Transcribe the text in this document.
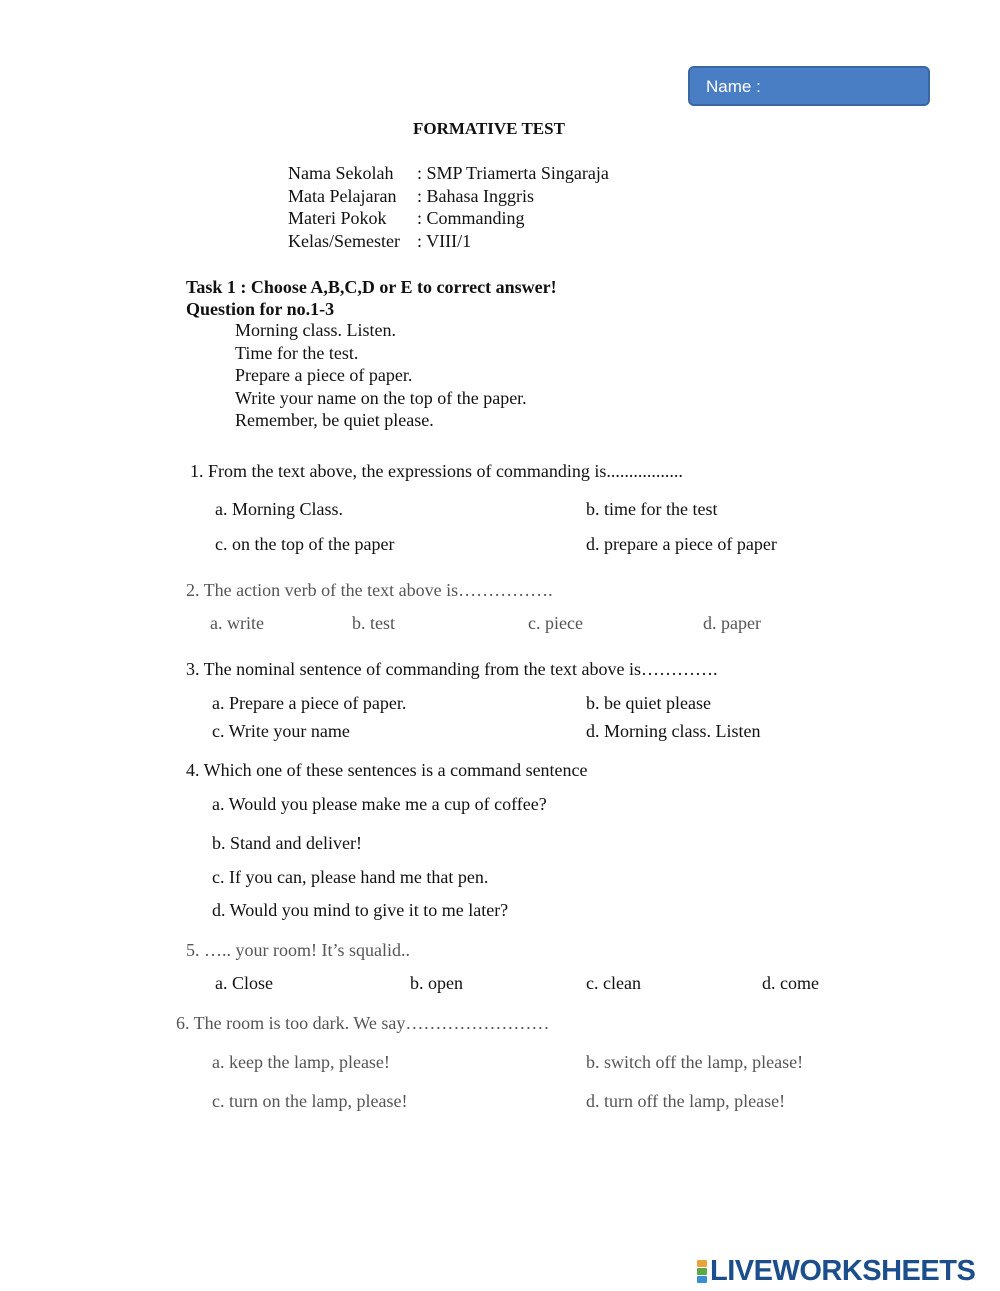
Name :
FORMATIVE TEST
Nama Sekolah : SMP Triamerta Singaraja
Mata Pelajaran : Bahasa Inggris
Materi Pokok : Commanding
Kelas/Semester : VIII/1
Task 1 : Choose A,B,C,D or E to correct answer!
Question for no.1-3
Morning class. Listen.
Time for the test.
Prepare a piece of paper.
Write your name on the top of the paper.
Remember, be quiet please.
1. From the text above, the expressions of commanding is.................
a. Morning Class.	b. time for the test
c. on the top of the paper	d. prepare a piece of paper
2. The action verb of the text above is…………….
a. write	b. test	c. piece	d. paper
3. The nominal sentence of commanding from the text above is………….
a. Prepare a piece of paper.	b. be quiet please
c. Write your name	d. Morning class. Listen
4. Which one of these sentences is a command sentence
a. Would you please make me a cup of coffee?
b. Stand and deliver!
c. If you can, please hand me that pen.
d. Would you mind to give it to me later?
5. ….. your room! It’s squalid..
a. Close	b. open	c. clean	d. come
6. The room is too dark. We say……………………
a. keep the lamp, please!	b. switch off the lamp, please!
c. turn on the lamp, please!	d. turn off the lamp, please!
LIVEWORKSHEETS
